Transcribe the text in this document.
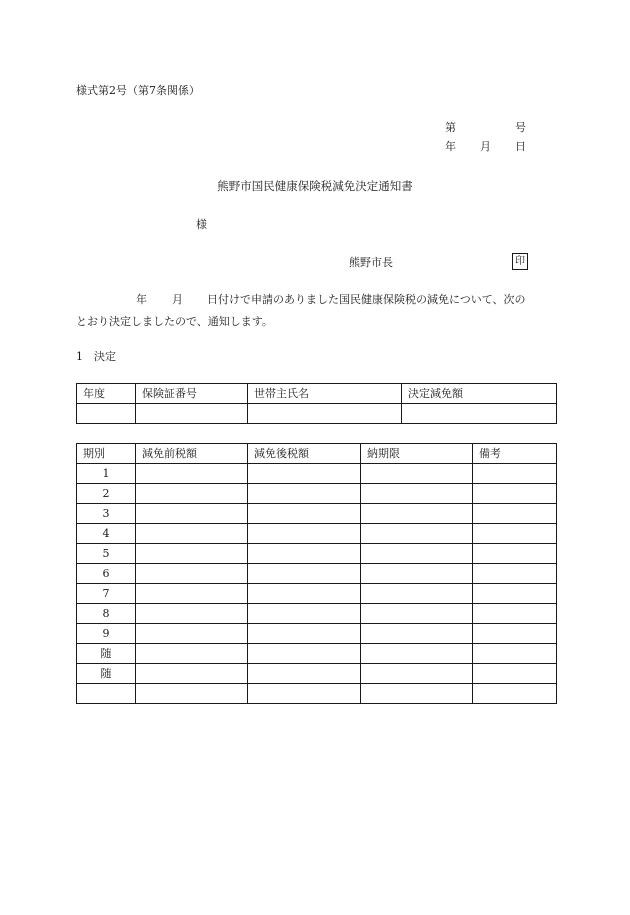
様式第2号（第7条関係）
第	号
年 月 日
熊野市国民健康保険税減免決定通知書
様
熊野市長	印
年 月 日付けで申請のありました国民健康保険税の減免について、次の
とおり決定しましたので、通知します。
1　決定
年度	保険証番号	世帯主氏名	決定減免額

期別	減免前税額	減免後税額	納期限	備考
1				
2				
3				
4				
5				
6				
7				
8				
9				
随				
随				
